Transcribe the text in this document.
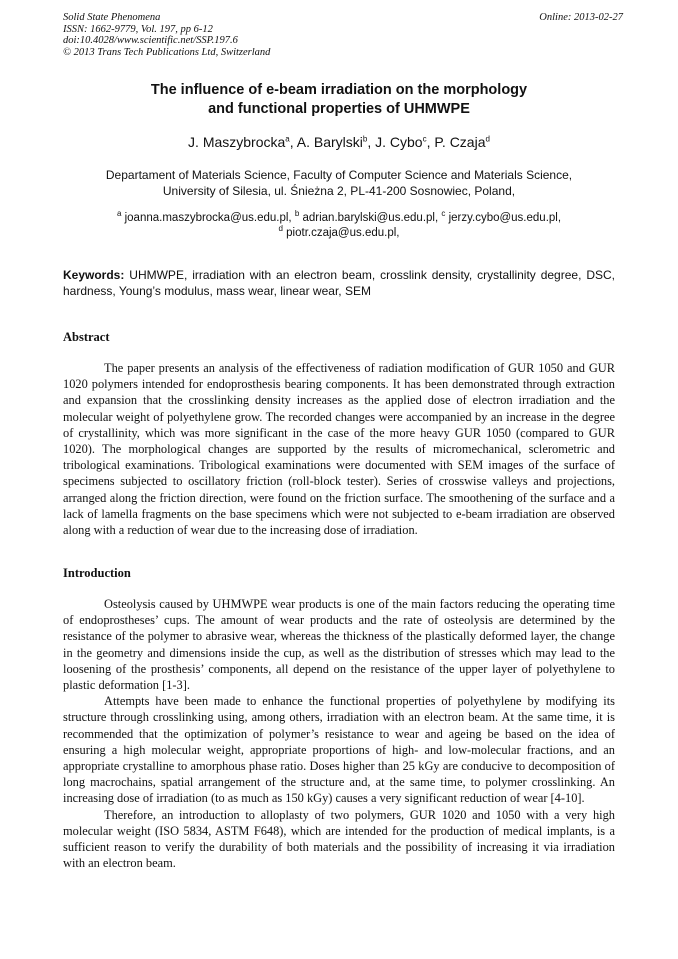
Solid State Phenomena
ISSN: 1662-9779, Vol. 197, pp 6-12
doi:10.4028/www.scientific.net/SSP.197.6
© 2013 Trans Tech Publications Ltd, Switzerland
Online: 2013-02-27
The influence of e-beam irradiation on the morphology
and functional properties of UHMWPE
J. Maszybrocka$^a$, A. Barylski$^b$, J. Cybo$^c$, P. Czaja$^d$
Departament of Materials Science, Faculty of Computer Science and Materials Science,
University of Silesia, ul. Śnieżna 2, PL-41-200 Sosnowiec, Poland,
$^a$ joanna.maszybrocka@us.edu.pl, $^b$ adrian.barylski@us.edu.pl, $^c$ jerzy.cybo@us.edu.pl,
$^d$ piotr.czaja@us.edu.pl,
Keywords: UHMWPE, irradiation with an electron beam, crosslink density, crystallinity degree, DSC, hardness, Young’s modulus, mass wear, linear wear, SEM
Abstract

The paper presents an analysis of the effectiveness of radiation modification of GUR 1050 and GUR 1020 polymers intended for endoprosthesis bearing components. It has been demonstrated through extraction and expansion that the crosslinking density increases as the applied dose of electron irradiation and the molecular weight of polyethylene grow. The recorded changes were accompanied by an increase in the degree of crystallinity, which was more significant in the case of the more heavy GUR 1050 (compared to GUR 1020). The morphological changes are supported by the results of micromechanical, sclerometric and tribological examinations. Tribological examinations were documented with SEM images of the surface of specimens subjected to oscillatory friction (roll-block tester). Series of crosswise valleys and projections, arranged along the friction direction, were found on the friction surface. The smoothening of the surface and a lack of lamella fragments on the base specimens which were not subjected to e-beam irradiation are observed along with a reduction of wear due to the increasing dose of irradiation.

Introduction

Osteolysis caused by UHMWPE wear products is one of the main factors reducing the operating time of endoprostheses’ cups. The amount of wear products and the rate of osteolysis are determined by the resistance of the polymer to abrasive wear, whereas the thickness of the plastically deformed layer, the change in the geometry and dimensions inside the cup, as well as the distribution of stresses which may lead to the loosening of the prosthesis’ components, all depend on the resistance of the upper layer of polyethylene to plastic deformation [1-3].

Attempts have been made to enhance the functional properties of polyethylene by modifying its structure through crosslinking using, among others, irradiation with an electron beam. At the same time, it is recommended that the optimization of polymer’s resistance to wear and ageing be based on the idea of ensuring a high molecular weight, appropriate proportions of high- and low-molecular fractions, and an appropriate crystalline to amorphous phase ratio. Doses higher than 25 kGy are conducive to decomposition of long macrochains, spatial arrangement of the structure and, at the same time, to polymer crosslinking. An increasing dose of irradiation (to as much as 150 kGy) causes a very significant reduction of wear [4-10].

Therefore, an introduction to alloplasty of two polymers, GUR 1020 and 1050 with a very high molecular weight (ISO 5834, ASTM F648), which are intended for the production of medical implants, is a sufficient reason to verify the durability of both materials and the possibility of increasing it via irradiation with an electron beam.
